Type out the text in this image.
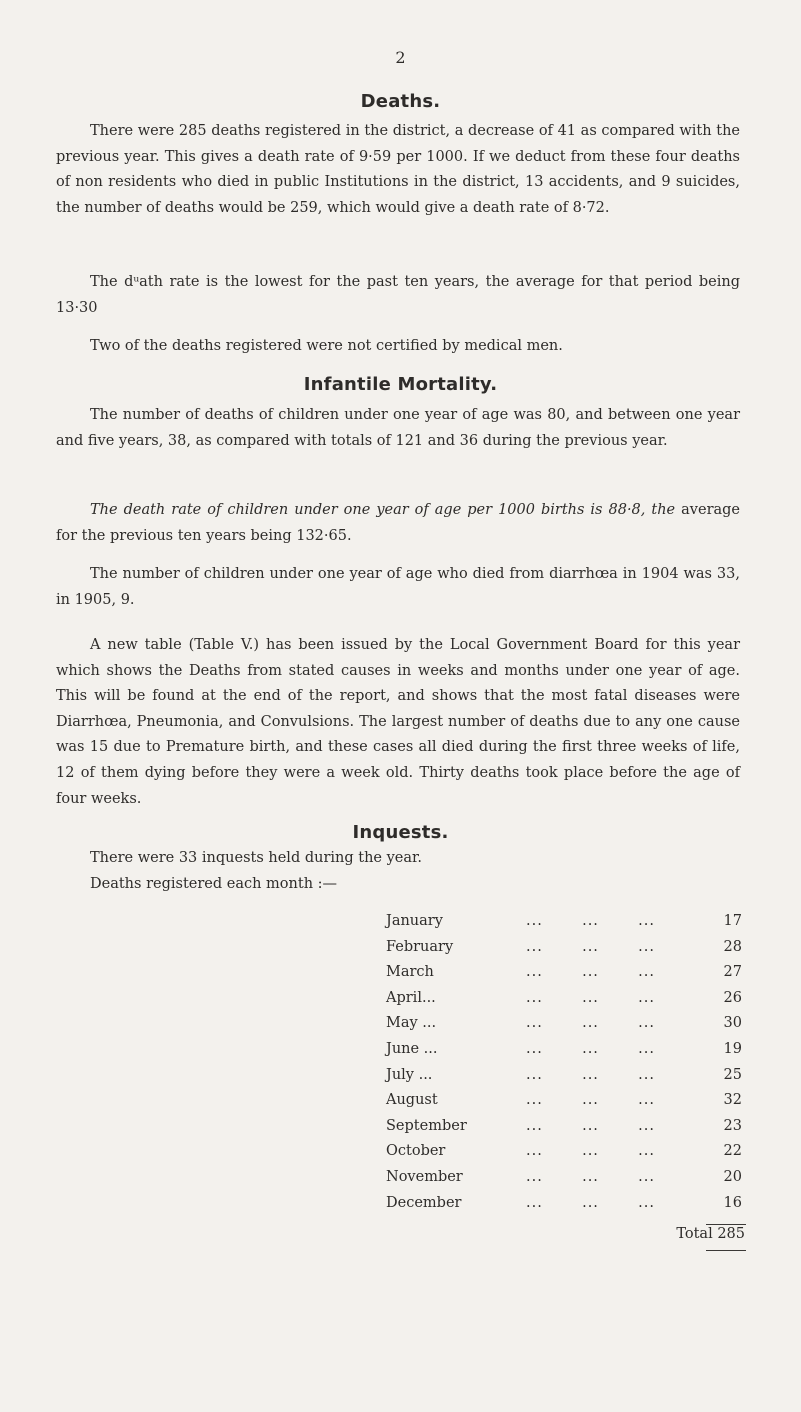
2
Deaths.

There were 285 deaths registered in the district, a decrease of 41 as compared with the previous year. This gives a death rate of 9·59 per 1000. If we deduct from these four deaths of non residents who died in public Institutions in the district, 13 accidents, and 9 suicides, the number of deaths would be 259, which would give a death rate of 8·72.

The dᵘath rate is the lowest for the past ten years, the average for that period being 13·30

Two of the deaths registered were not certified by medical men.

Infantile Mortality.

The number of deaths of children under one year of age was 80, and between one year and five years, 38, as compared with totals of 121 and 36 during the previous year.

The death rate of children under one year of age per 1000 births is 88·8, the average for the previous ten years being 132·65.

The number of children under one year of age who died from diarrhœa in 1904 was 33, in 1905, 9.

A new table (Table V.) has been issued by the Local Government Board for this year which shows the Deaths from stated causes in weeks and months under one year of age. This will be found at the end of the report, and shows that the most fatal diseases were Diarrhœa, Pneumonia, and Convulsions. The largest number of deaths due to any one cause was 15 due to Premature birth, and these cases all died during the first three weeks of life, 12 of them dying before they were a week old. Thirty deaths took place before the age of four weeks.

Inquests.

There were 33 inquests held during the year.

Deaths registered each month :—

January	...       ...       ...	17
February	...       ...       ...	28
March	...       ...       ...	27
April...	...       ...       ...	26
May ...	...       ...       ...	30
June ...	...       ...       ...	19
July ...	...       ...       ...	25
August	...       ...       ...	32
September	...       ...       ...	23
October	...       ...       ...	22
November	...       ...       ...	20
December	...       ...       ...	16
Total 285
